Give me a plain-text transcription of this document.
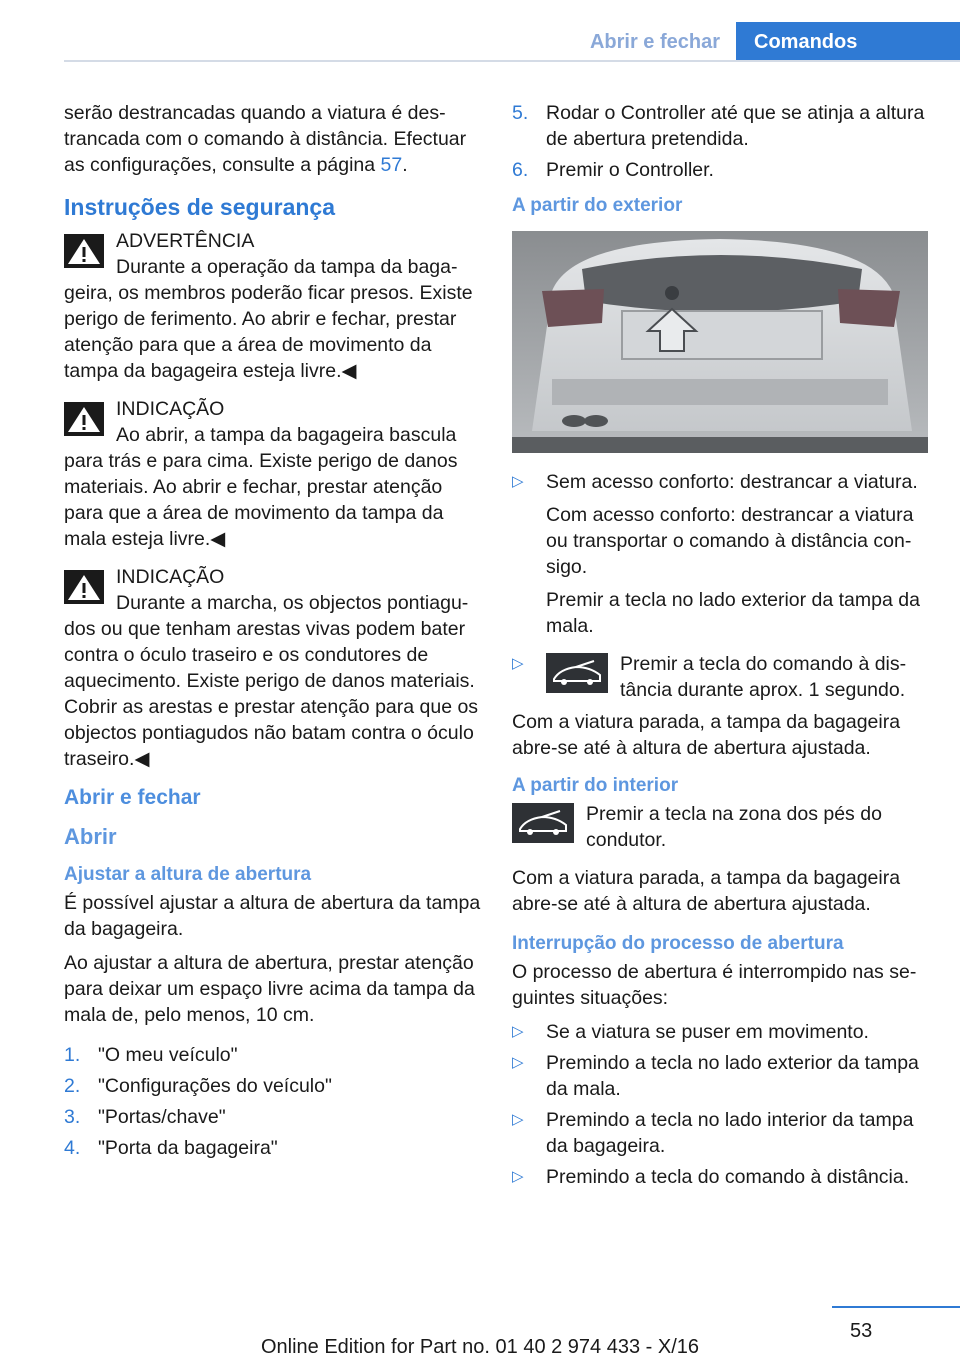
Abrir e fechar	Comandos

serão destrancadas quando a viatura é destrancada com o comando à distância. Efectuar as configurações, consulte a página 57.

Instruções de segurança
ADVERTÊNCIA
Durante a operação da tampa da bagageira, os membros poderão ficar presos. Existe perigo de ferimento. Ao abrir e fechar, prestar atenção para que a área de movimento da tampa da bagageira esteja livre.◀
INDICAÇÃO
Ao abrir, a tampa da bagageira bascula para trás e para cima. Existe perigo de danos materiais. Ao abrir e fechar, prestar atenção para que a área de movimento da tampa da mala esteja livre.◀
INDICAÇÃO
Durante a marcha, os objectos pontiagudos ou que tenham arestas vivas podem bater contra o óculo traseiro e os condutores de aquecimento. Existe perigo de danos materiais. Cobrir as arestas e prestar atenção para que os objectos pontiagudos não batam contra o óculo traseiro.◀
Abrir e fechar
Abrir
Ajustar a altura de abertura

É possível ajustar a altura de abertura da tampa da bagageira.

Ao ajustar a altura de abertura, prestar atenção para deixar um espaço livre acima da tampa da mala de, pelo menos, 10 cm.

1. "O meu veículo"
2. "Configurações do veículo"
3. "Portas/chave"
4. "Porta da bagageira"
5. Rodar o Controller até que se atinja a altura de abertura pretendida.
6. Premir o Controller.
A partir do exterior
▷	Sem acesso conforto: destrancar a viatura.
Com acesso conforto: destrancar a viatura ou transportar o comando à distância consigo.
Premir a tecla no lado exterior da tampa da mala.
▷	Premir a tecla do comando à distância durante aprox. 1 segundo.

Com a viatura parada, a tampa da bagageira abre-se até à altura de abertura ajustada.

A partir do interior
Premir a tecla na zona dos pés do condutor.

Com a viatura parada, a tampa da bagageira abre-se até à altura de abertura ajustada.

Interrupção do processo de abertura

O processo de abertura é interrompido nas seguintes situações:

▷	Se a viatura se puser em movimento.
▷	Premindo a tecla no lado exterior da tampa da mala.
▷	Premindo a tecla no lado interior da tampa da bagageira.
▷	Premindo a tecla do comando à distância.
53
Online Edition for Part no. 01 40 2 974 433 - X/16
